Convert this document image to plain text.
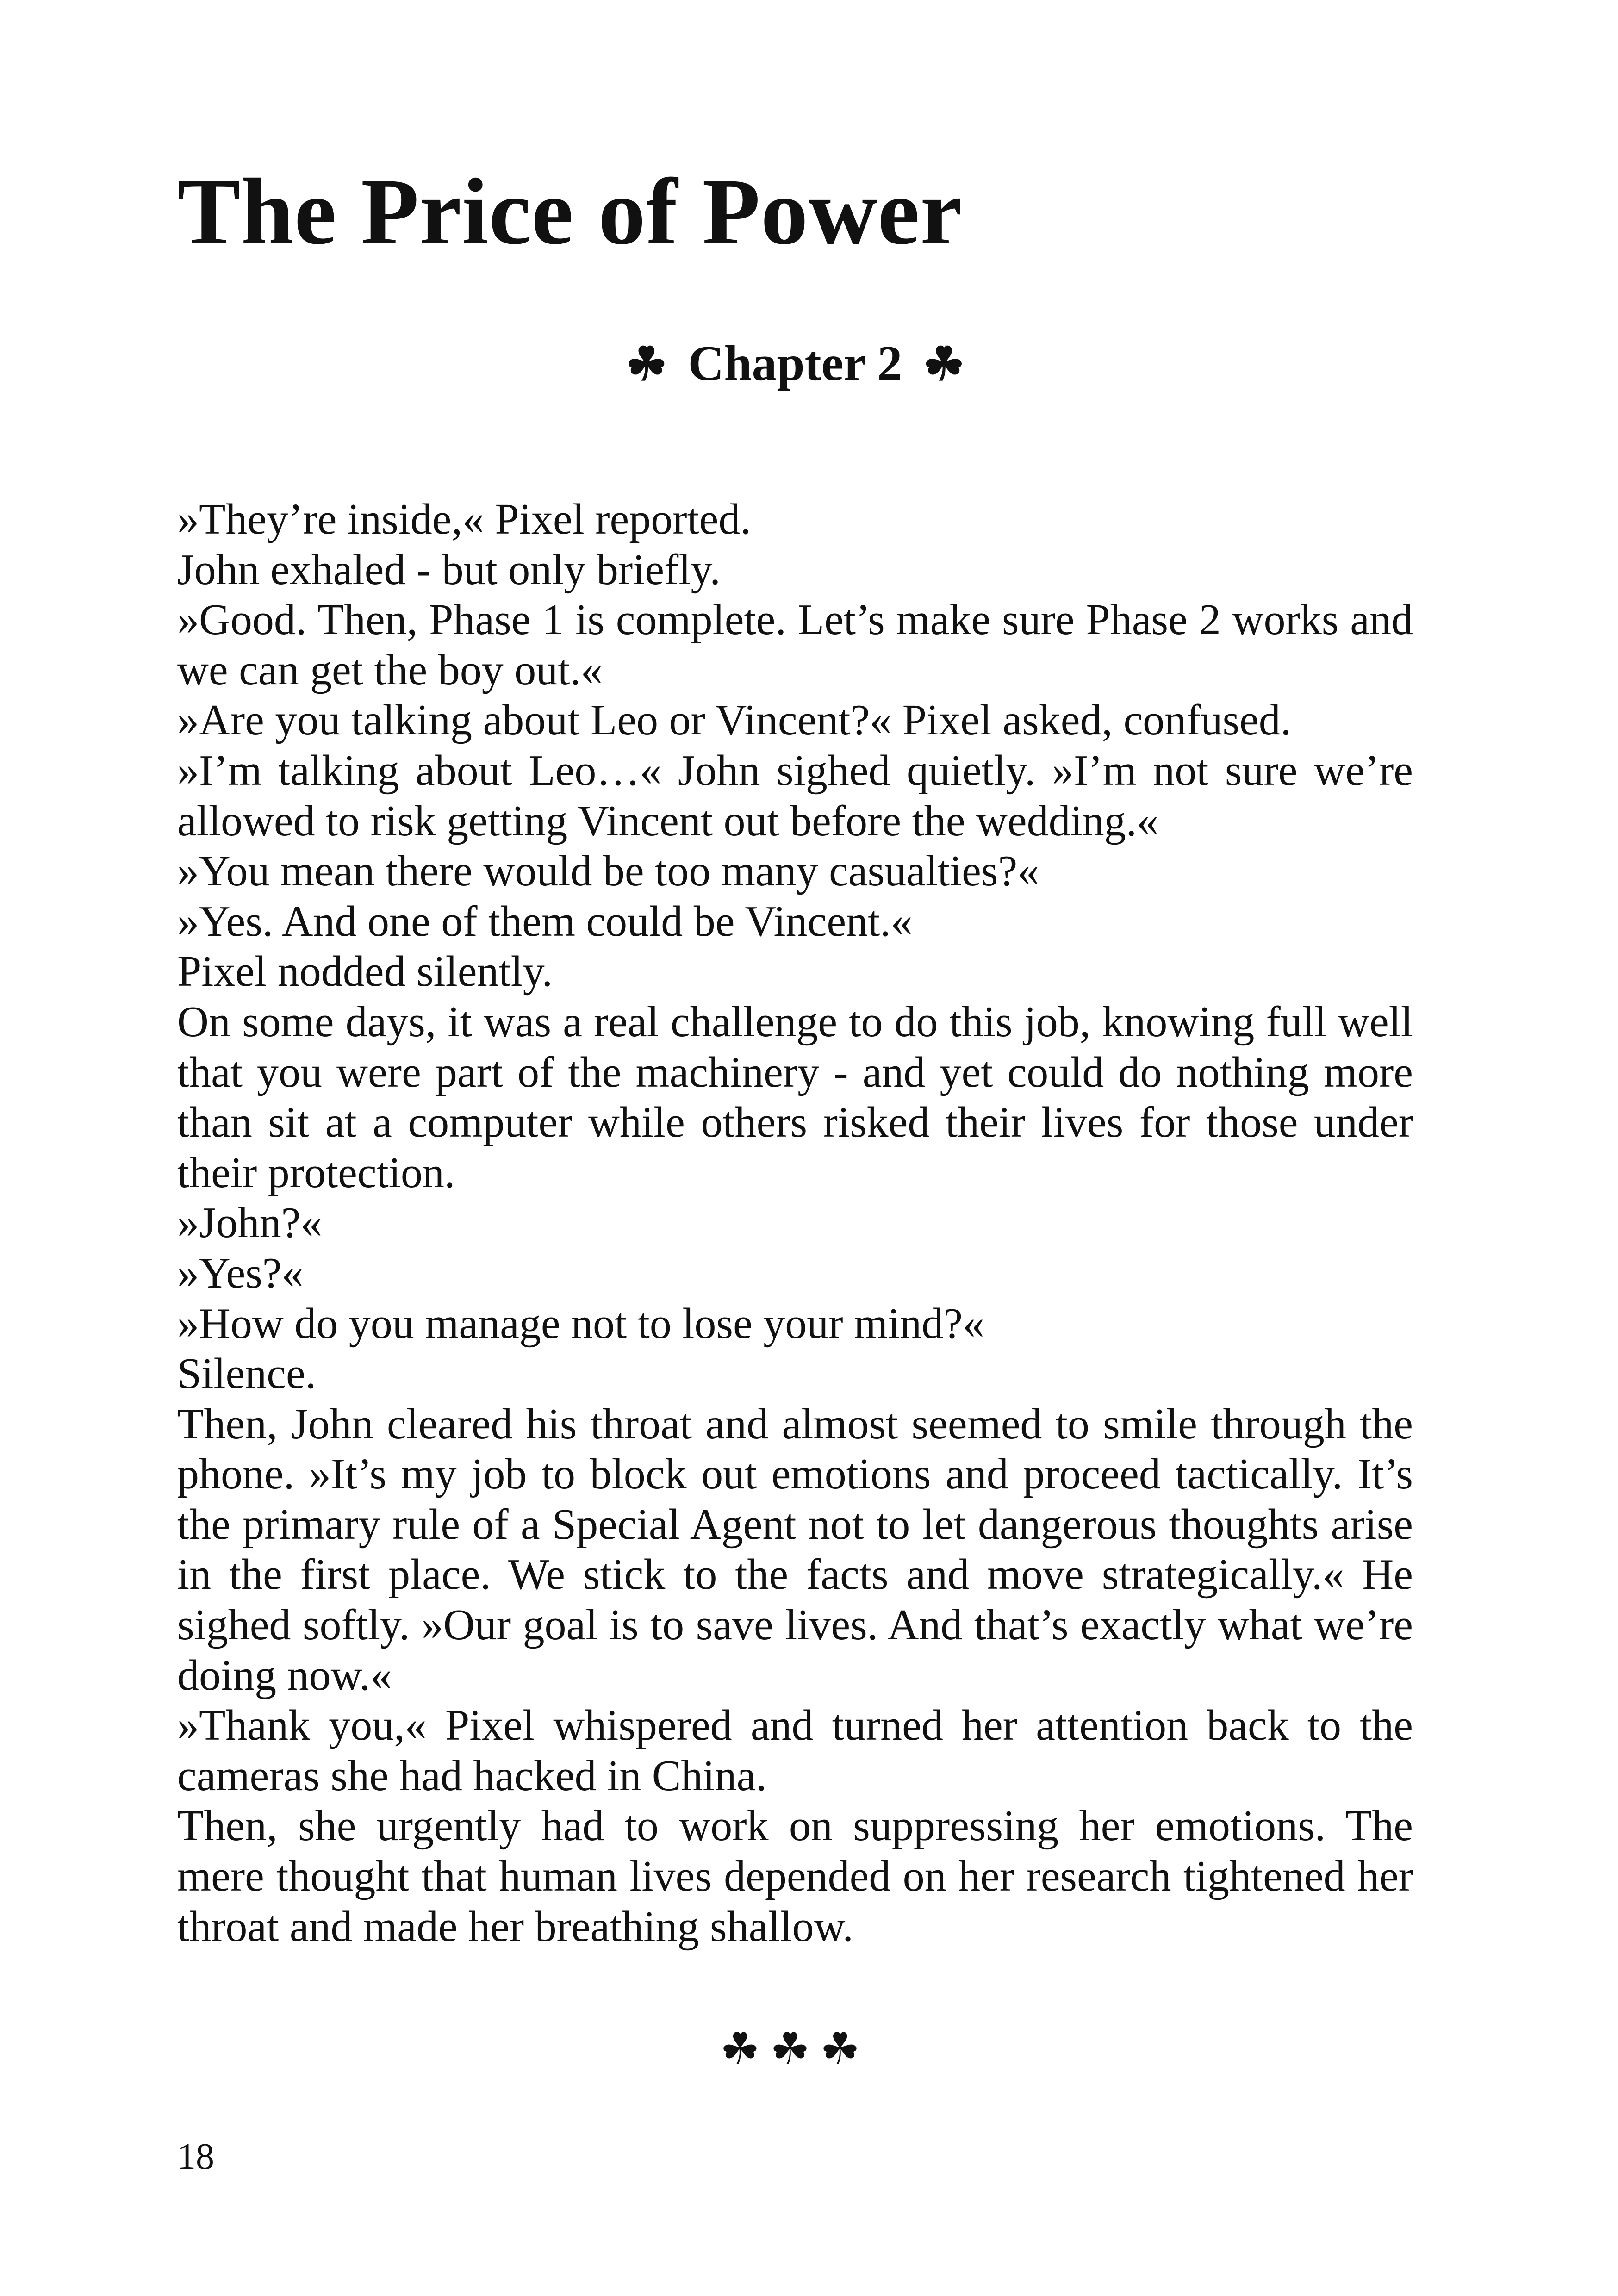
The Price of Power
☘ Chapter 2 ☘

»They’re inside,« Pixel reported.

John exhaled - but only briefly.

»Good. Then, Phase 1 is complete. Let’s make sure Phase 2 works and we can get the boy out.«

»Are you talking about Leo or Vincent?« Pixel asked, confused.

»I’m talking about Leo…« John sighed quietly. »I’m not sure we’re allowed to risk getting Vincent out before the wedding.«

»You mean there would be too many casualties?«

»Yes. And one of them could be Vincent.«

Pixel nodded silently.

On some days, it was a real challenge to do this job, knowing full well that you were part of the machinery - and yet could do nothing more than sit at a computer while others risked their lives for those under their protection.

»John?«

»Yes?«

»How do you manage not to lose your mind?«

Silence.

Then, John cleared his throat and almost seemed to smile through the phone. »It’s my job to block out emotions and proceed tactically. It’s the primary rule of a Special Agent not to let dangerous thoughts arise in the first place. We stick to the facts and move strategically.« He sighed softly. »Our goal is to save lives. And that’s exactly what we’re doing now.«

»Thank you,« Pixel whispered and turned her attention back to the cameras she had hacked in China.

Then, she urgently had to work on suppressing her emotions. The mere thought that human lives depended on her research tightened her throat and made her breathing shallow.

☘☘☘
18
